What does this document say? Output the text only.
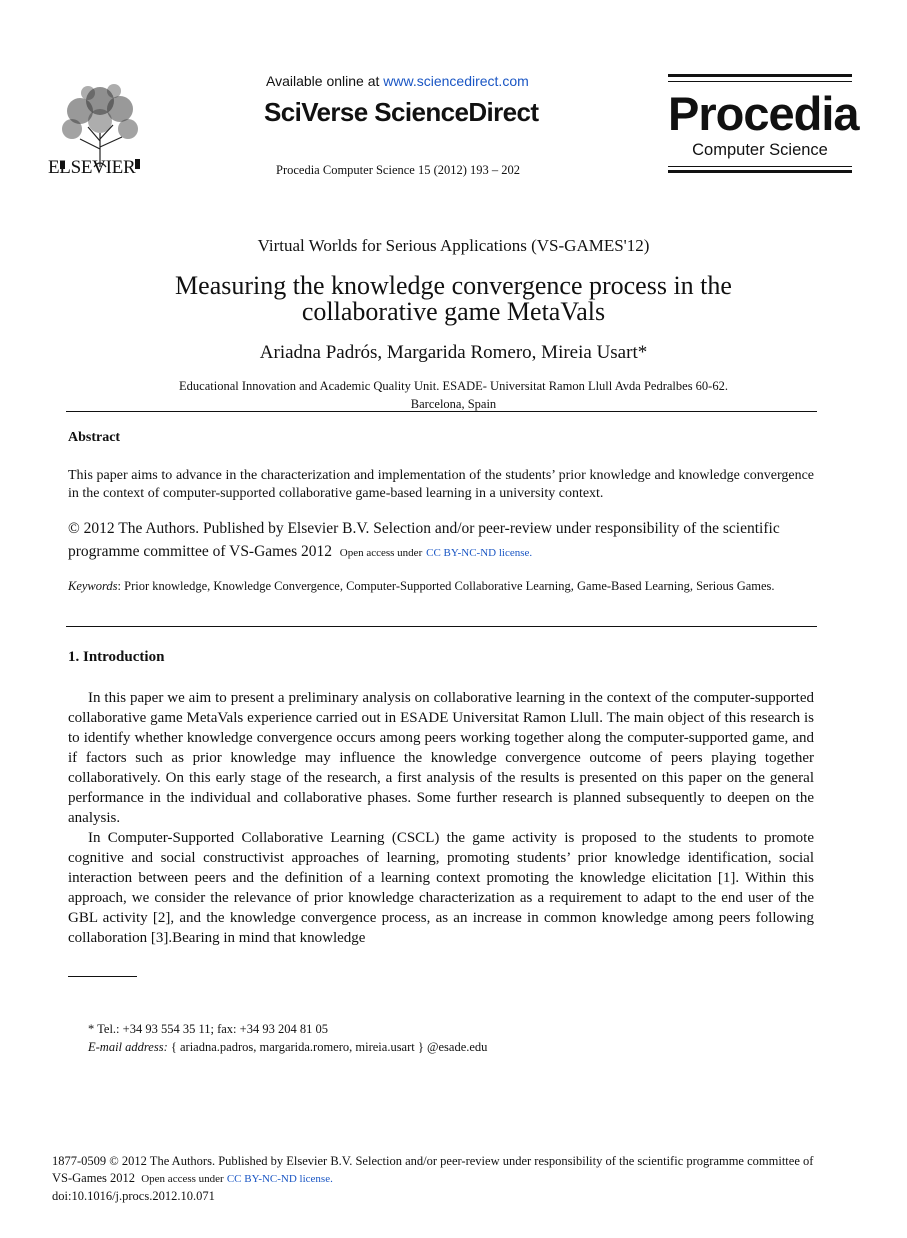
ELSEVIER
Available online at www.sciencedirect.com
SciVerse ScienceDirect
Procedia Computer Science 15 (2012) 193 – 202
Procedia
Computer Science
Virtual Worlds for Serious Applications (VS-GAMES'12)
Measuring the knowledge convergence process in the
collaborative game MetaVals
Ariadna Padrós, Margarida Romero, Mireia Usart*
Educational Innovation and Academic Quality Unit. ESADE- Universitat Ramon Llull Avda Pedralbes 60-62.
Barcelona, Spain
Abstract
This paper aims to advance in the characterization and implementation of the students’ prior knowledge and knowledge convergence in the context of computer-supported collaborative game-based learning in a university context.
© 2012 The Authors. Published by Elsevier B.V. Selection and/or peer-review under responsibility of the scientific
programme committee of VS-Games 2012 Open access under CC BY-NC-ND license.
Keywords: Prior knowledge, Knowledge Convergence, Computer-Supported Collaborative Learning, Game-Based Learning, Serious Games.
1. Introduction

In this paper we aim to present a preliminary analysis on collaborative learning in the context of the computer-supported collaborative game MetaVals experience carried out in ESADE Universitat Ramon Llull. The main object of this research is to identify whether knowledge convergence occurs among peers working together along the computer-supported game, and if factors such as prior knowledge may influence the knowledge convergence outcome of peers playing together collaboratively. On this early stage of the research, a first analysis of the results is presented on this paper on the general performance in the individual and collaborative phases. Some further research is planned subsequently to deepen on the analysis.

In Computer-Supported Collaborative Learning (CSCL) the game activity is proposed to the students to promote cognitive and social constructivist approaches of learning, promoting students’ prior knowledge identification, social interaction between peers and the definition of a learning context promoting the knowledge elicitation [1]. Within this approach, we consider the relevance of prior knowledge characterization as a requirement to adapt to the end user of the GBL activity [2], and the knowledge convergence process, as an increase in common knowledge among peers following collaboration [3].Bearing in mind that knowledge

* Tel.: +34 93 554 35 11; fax: +34 93 204 81 05
E-mail address: { ariadna.padros, margarida.romero, mireia.usart } @esade.edu
1877-0509 © 2012 The Authors. Published by Elsevier B.V. Selection and/or peer-review under responsibility of the scientific programme committee of
VS-Games 2012 Open access under CC BY-NC-ND license.
doi:10.1016/j.procs.2012.10.071
